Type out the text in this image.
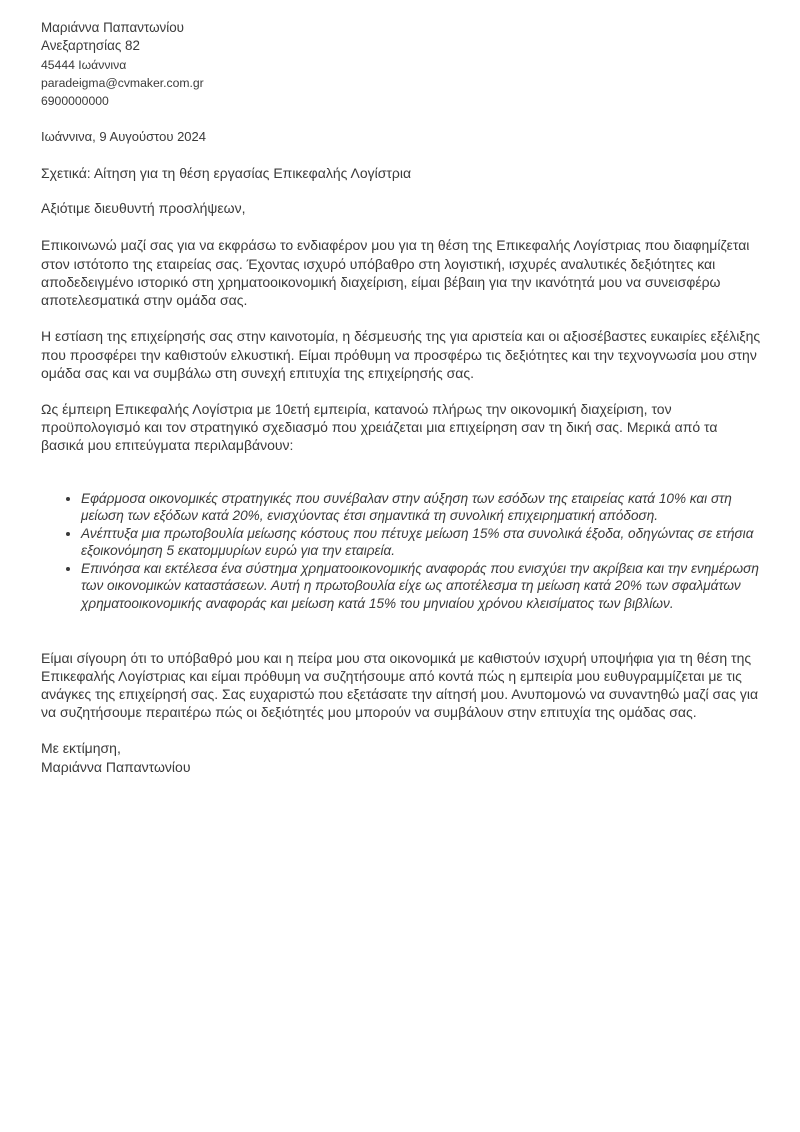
Μαριάννα Παπαντωνίου
Ανεξαρτησίας 82
45444 Ιωάννινα
paradeigma@cvmaker.com.gr
6900000000
Ιωάννινα, 9 Αυγούστου 2024
Σχετικά: Αίτηση για τη θέση εργασίας Επικεφαλής Λογίστρια
Αξιότιμε διευθυντή προσλήψεων,

Επικοινωνώ μαζί σας για να εκφράσω το ενδιαφέρον μου για τη θέση της Επικεφαλής Λογίστριας που διαφημίζεται στον ιστότοπο της εταιρείας σας. Έχοντας ισχυρό υπόβαθρο στη λογιστική, ισχυρές αναλυτικές δεξιότητες και αποδεδειγμένο ιστορικό στη χρηματοοικονομική διαχείριση, είμαι βέβαιη για την ικανότητά μου να συνεισφέρω αποτελεσματικά στην ομάδα σας.

Η εστίαση της επιχείρησής σας στην καινοτομία, η δέσμευσής της για αριστεία και οι αξιοσέβαστες ευκαιρίες εξέλιξης που προσφέρει την καθιστούν ελκυστική. Είμαι πρόθυμη να προσφέρω τις δεξιότητες και την τεχνογνωσία μου στην ομάδα σας και να συμβάλω στη συνεχή επιτυχία της επιχείρησής σας.

Ως έμπειρη Επικεφαλής Λογίστρια με 10ετή εμπειρία, κατανοώ πλήρως την οικονομική διαχείριση, τον προϋπολογισμό και τον στρατηγικό σχεδιασμό που χρειάζεται μια επιχείρηση σαν τη δική σας. Μερικά από τα βασικά μου επιτεύγματα περιλαμβάνουν:

• Εφάρμοσα οικονομικές στρατηγικές που συνέβαλαν στην αύξηση των εσόδων της εταιρείας κατά 10% και στη μείωση των εξόδων κατά 20%, ενισχύοντας έτσι σημαντικά τη συνολική επιχειρηματική απόδοση.
• Ανέπτυξα μια πρωτοβουλία μείωσης κόστους που πέτυχε μείωση 15% στα συνολικά έξοδα, οδηγώντας σε ετήσια εξοικονόμηση 5 εκατομμυρίων ευρώ για την εταιρεία.
• Επινόησα και εκτέλεσα ένα σύστημα χρηματοοικονομικής αναφοράς που ενισχύει την ακρίβεια και την ενημέρωση των οικονομικών καταστάσεων. Αυτή η πρωτοβουλία είχε ως αποτέλεσμα τη μείωση κατά 20% των σφαλμάτων χρηματοοικονομικής αναφοράς και μείωση κατά 15% του μηνιαίου χρόνου κλεισίματος των βιβλίων.

Είμαι σίγουρη ότι το υπόβαθρό μου και η πείρα μου στα οικονομικά με καθιστούν ισχυρή υποψήφια για τη θέση της Επικεφαλής Λογίστριας και είμαι πρόθυμη να συζητήσουμε από κοντά πώς η εμπειρία μου ευθυγραμμίζεται με τις ανάγκες της επιχείρησή σας. Σας ευχαριστώ που εξετάσατε την αίτησή μου. Ανυπομονώ να συναντηθώ μαζί σας για να συζητήσουμε περαιτέρω πώς οι δεξιότητές μου μπορούν να συμβάλουν στην επιτυχία της ομάδας σας.

Με εκτίμηση,
Μαριάννα Παπαντωνίου
